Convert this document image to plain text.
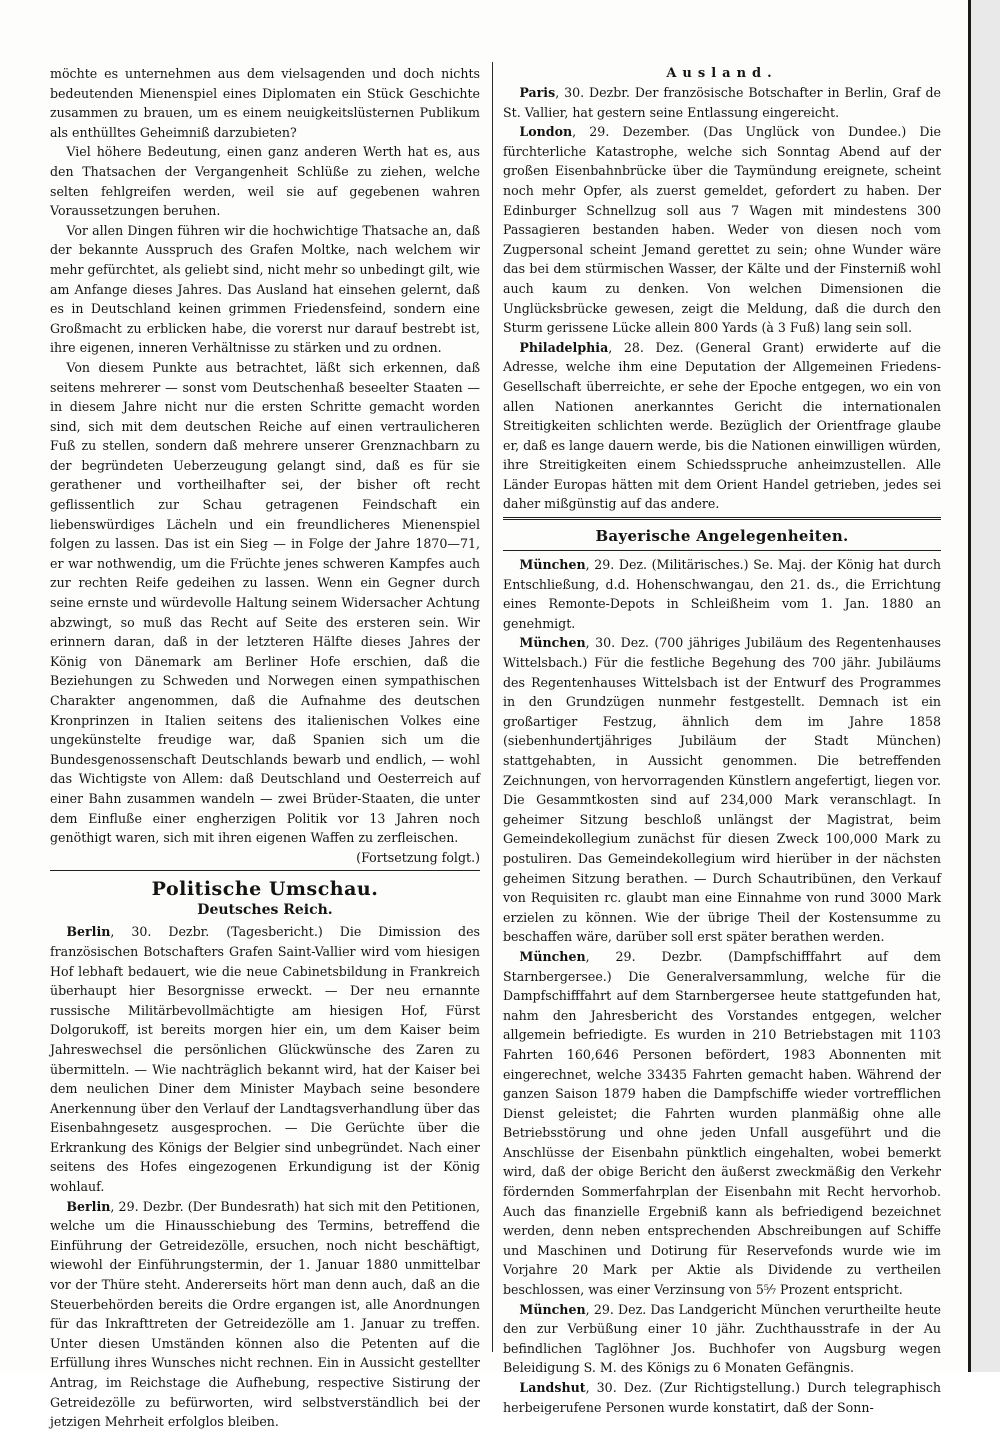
möchte es unternehmen aus dem vielsagenden und doch nichts bedeutenden Mienenspiel eines Diplomaten ein Stück Geschichte zusammen zu brauen, um es einem neuigkeitslüsternen Publikum als enthülltes Geheimniß darzubieten?

Viel höhere Bedeutung, einen ganz anderen Werth hat es, aus den Thatsachen der Vergangenheit Schlüße zu ziehen, welche selten fehlgreifen werden, weil sie auf gegebenen wahren Voraussetzungen beruhen.

Vor allen Dingen führen wir die hochwichtige Thatsache an, daß der bekannte Ausspruch des Grafen Moltke, nach welchem wir mehr gefürchtet, als geliebt sind, nicht mehr so unbedingt gilt, wie am Anfange dieses Jahres. Das Ausland hat einsehen gelernt, daß es in Deutschland keinen grimmen Friedensfeind, sondern eine Großmacht zu erblicken habe, die vorerst nur darauf bestrebt ist, ihre eigenen, inneren Verhältnisse zu stärken und zu ordnen.

Von diesem Punkte aus betrachtet, läßt sich erkennen, daß seitens mehrerer — sonst vom Deutschenhaß beseelter Staaten — in diesem Jahre nicht nur die ersten Schritte gemacht worden sind, sich mit dem deutschen Reiche auf einen vertraulicheren Fuß zu stellen, sondern daß mehrere unserer Grenznachbarn zu der begründeten Ueberzeugung gelangt sind, daß es für sie gerathener und vortheilhafter sei, der bisher oft recht geflissentlich zur Schau getragenen Feindschaft ein liebenswürdiges Lächeln und ein freundlicheres Mienenspiel folgen zu lassen. Das ist ein Sieg — in Folge der Jahre 1870—71, er war nothwendig, um die Früchte jenes schweren Kampfes auch zur rechten Reife gedeihen zu lassen. Wenn ein Gegner durch seine ernste und würdevolle Haltung seinem Widersacher Achtung abzwingt, so muß das Recht auf Seite des ersteren sein. Wir erinnern daran, daß in der letzteren Hälfte dieses Jahres der König von Dänemark am Berliner Hofe erschien, daß die Beziehungen zu Schweden und Norwegen einen sympathischen Charakter angenommen, daß die Aufnahme des deutschen Kronprinzen in Italien seitens des italienischen Volkes eine ungekünstelte freudige war, daß Spanien sich um die Bundesgenossenschaft Deutschlands bewarb und endlich, — wohl das Wichtigste von Allem: daß Deutschland und Oesterreich auf einer Bahn zusammen wandeln — zwei Brüder-Staaten, die unter dem Einfluße einer engherzigen Politik vor 13 Jahren noch genöthigt waren, sich mit ihren eigenen Waffen zu zerfleischen.

(Fortsetzung folgt.)

Politische Umschau.
Deutsches Reich.

Berlin, 30. Dezbr. (Tagesbericht.) Die Dimission des französischen Botschafters Grafen Saint-Vallier wird vom hiesigen Hof lebhaft bedauert, wie die neue Cabinetsbildung in Frankreich überhaupt hier Besorgnisse erweckt. — Der neu ernannte russische Militärbevollmächtigte am hiesigen Hof, Fürst Dolgorukoff, ist bereits morgen hier ein, um dem Kaiser beim Jahreswechsel die persönlichen Glückwünsche des Zaren zu übermitteln. — Wie nachträglich bekannt wird, hat der Kaiser bei dem neulichen Diner dem Minister Maybach seine besondere Anerkennung über den Verlauf der Landtagsverhandlung über das Eisenbahngesetz ausgesprochen. — Die Gerüchte über die Erkrankung des Königs der Belgier sind unbegründet. Nach einer seitens des Hofes eingezogenen Erkundigung ist der König wohlauf.

Berlin, 29. Dezbr. (Der Bundesrath) hat sich mit den Petitionen, welche um die Hinausschiebung des Termins, betreffend die Einführung der Getreidezölle, ersuchen, noch nicht beschäftigt, wiewohl der Einführungstermin, der 1. Januar 1880 unmittelbar vor der Thüre steht. Andererseits hört man denn auch, daß an die Steuerbehörden bereits die Ordre ergangen ist, alle Anordnungen für das Inkrafttreten der Getreidezölle am 1. Januar zu treffen. Unter diesen Umständen können also die Petenten auf die Erfüllung ihres Wunsches nicht rechnen. Ein in Aussicht gestellter Antrag, im Reichstage die Aufhebung, respective Sistirung der Getreidezölle zu befürworten, wird selbstverständlich bei der jetzigen Mehrheit erfolglos bleiben.

Ausland.

Paris, 30. Dezbr. Der französische Botschafter in Berlin, Graf de St. Vallier, hat gestern seine Entlassung eingereicht.

London, 29. Dezember. (Das Unglück von Dundee.) Die fürchterliche Katastrophe, welche sich Sonntag Abend auf der großen Eisenbahnbrücke über die Taymündung ereignete, scheint noch mehr Opfer, als zuerst gemeldet, gefordert zu haben. Der Edinburger Schnellzug soll aus 7 Wagen mit mindestens 300 Passagieren bestanden haben. Weder von diesen noch vom Zugpersonal scheint Jemand gerettet zu sein; ohne Wunder wäre das bei dem stürmischen Wasser, der Kälte und der Finsterniß wohl auch kaum zu denken. Von welchen Dimensionen die Unglücksbrücke gewesen, zeigt die Meldung, daß die durch den Sturm gerissene Lücke allein 800 Yards (à 3 Fuß) lang sein soll.

Philadelphia, 28. Dez. (General Grant) erwiderte auf die Adresse, welche ihm eine Deputation der Allgemeinen Friedens-Gesellschaft überreichte, er sehe der Epoche entgegen, wo ein von allen Nationen anerkanntes Gericht die internationalen Streitigkeiten schlichten werde. Bezüglich der Orientfrage glaube er, daß es lange dauern werde, bis die Nationen einwilligen würden, ihre Streitigkeiten einem Schiedsspruche anheimzustellen. Alle Länder Europas hätten mit dem Orient Handel getrieben, jedes sei daher mißgünstig auf das andere.

Bayerische Angelegenheiten.

München, 29. Dez. (Militärisches.) Se. Maj. der König hat durch Entschließung, d.d. Hohenschwangau, den 21. ds., die Errichtung eines Remonte-Depots in Schleißheim vom 1. Jan. 1880 an genehmigt.

München, 30. Dez. (700 jähriges Jubiläum des Regentenhauses Wittelsbach.) Für die festliche Begehung des 700 jähr. Jubiläums des Regentenhauses Wittelsbach ist der Entwurf des Programmes in den Grundzügen nunmehr festgestellt. Demnach ist ein großartiger Festzug, ähnlich dem im Jahre 1858 (siebenhundertjähriges Jubiläum der Stadt München) stattgehabten, in Aussicht genommen. Die betreffenden Zeichnungen, von hervorragenden Künstlern angefertigt, liegen vor. Die Gesammtkosten sind auf 234,000 Mark veranschlagt. In geheimer Sitzung beschloß unlängst der Magistrat, beim Gemeindekollegium zunächst für diesen Zweck 100,000 Mark zu postuliren. Das Gemeindekollegium wird hierüber in der nächsten geheimen Sitzung berathen. — Durch Schautribünen, den Verkauf von Requisiten rc. glaubt man eine Einnahme von rund 3000 Mark erzielen zu können. Wie der übrige Theil der Kostensumme zu beschaffen wäre, darüber soll erst später berathen werden.

München, 29. Dezbr. (Dampfschifffahrt auf dem Starnbergersee.) Die Generalversammlung, welche für die Dampfschifffahrt auf dem Starnbergersee heute stattgefunden hat, nahm den Jahresbericht des Vorstandes entgegen, welcher allgemein befriedigte. Es wurden in 210 Betriebstagen mit 1103 Fahrten 160,646 Personen befördert, 1983 Abonnenten mit eingerechnet, welche 33435 Fahrten gemacht haben. Während der ganzen Saison 1879 haben die Dampfschiffe wieder vortrefflichen Dienst geleistet; die Fahrten wurden planmäßig ohne alle Betriebsstörung und ohne jeden Unfall ausgeführt und die Anschlüsse der Eisenbahn pünktlich eingehalten, wobei bemerkt wird, daß der obige Bericht den äußerst zweckmäßig den Verkehr fördernden Sommerfahrplan der Eisenbahn mit Recht hervorhob. Auch das finanzielle Ergebniß kann als befriedigend bezeichnet werden, denn neben entsprechenden Abschreibungen auf Schiffe und Maschinen und Dotirung für Reservefonds wurde wie im Vorjahre 20 Mark per Aktie als Dividende zu vertheilen beschlossen, was einer Verzinsung von 5⁵⁄₇ Prozent entspricht.

München, 29. Dez. Das Landgericht München verurtheilte heute den zur Verbüßung einer 10 jähr. Zuchthausstrafe in der Au befindlichen Taglöhner Jos. Buchhofer von Augsburg wegen Beleidigung S. M. des Königs zu 6 Monaten Gefängnis.

Landshut, 30. Dez. (Zur Richtigstellung.) Durch telegraphisch herbeigerufene Personen wurde konstatirt, daß der Sonn-
